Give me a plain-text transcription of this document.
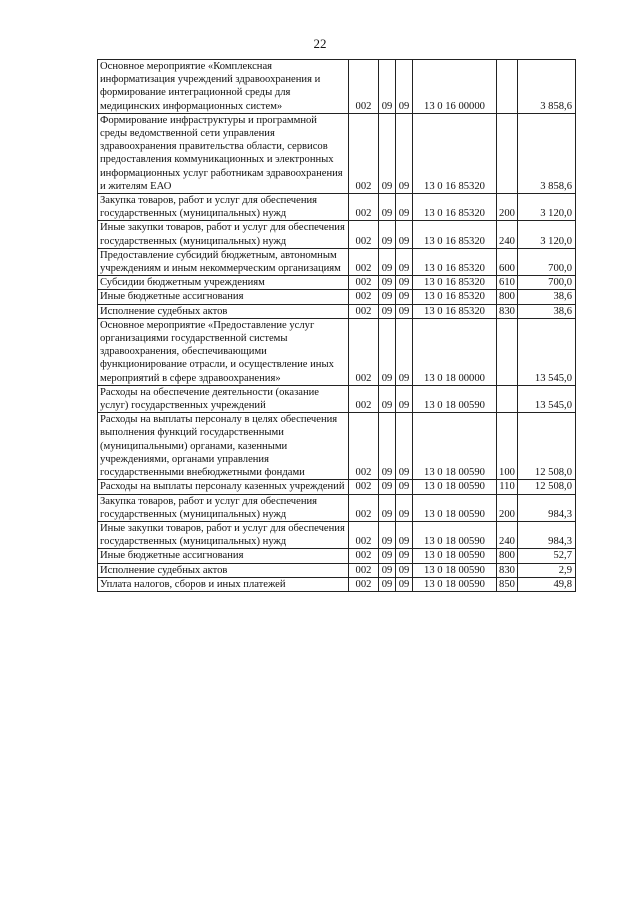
22
Основное мероприятие «Комплексная информатизация учреждений здравоохранения и формирование интеграционной среды для медицинских информационных систем»	002	09	09	13 0 16 00000		3 858,6
Формирование инфраструктуры и программной среды ведомственной сети управления здравоохранения правительства области, сервисов предоставления коммуникационных и электронных информационных услуг работникам здравоохранения и жителям ЕАО	002	09	09	13 0 16 85320		3 858,6
Закупка товаров, работ и услуг для обеспечения государственных (муниципальных) нужд	002	09	09	13 0 16 85320	200	3 120,0
Иные закупки товаров, работ и услуг для обеспечения государственных (муниципальных) нужд	002	09	09	13 0 16 85320	240	3 120,0
Предоставление субсидий бюджетным, автономным учреждениям и иным некоммерческим организациям	002	09	09	13 0 16 85320	600	700,0
Субсидии бюджетным учреждениям	002	09	09	13 0 16 85320	610	700,0
Иные бюджетные ассигнования	002	09	09	13 0 16 85320	800	38,6
Исполнение судебных актов	002	09	09	13 0 16 85320	830	38,6
Основное мероприятие «Предоставление услуг организациями государственной системы здравоохранения, обеспечивающими функционирование отрасли, и осуществление иных мероприятий в сфере здравоохранения»	002	09	09	13 0 18 00000		13 545,0
Расходы на обеспечение деятельности (оказание услуг) государственных учреждений	002	09	09	13 0 18 00590		13 545,0
Расходы на выплаты персоналу в целях обеспечения выполнения функций государственными (муниципальными) органами, казенными учреждениями, органами управления государственными внебюджетными фондами	002	09	09	13 0 18 00590	100	12 508,0
Расходы на выплаты персоналу казенных учреждений	002	09	09	13 0 18 00590	110	12 508,0
Закупка товаров, работ и услуг для обеспечения государственных (муниципальных) нужд	002	09	09	13 0 18 00590	200	984,3
Иные закупки товаров, работ и услуг для обеспечения государственных (муниципальных) нужд	002	09	09	13 0 18 00590	240	984,3
Иные бюджетные ассигнования	002	09	09	13 0 18 00590	800	52,7
Исполнение судебных актов	002	09	09	13 0 18 00590	830	2,9
Уплата налогов, сборов и иных платежей	002	09	09	13 0 18 00590	850	49,8
